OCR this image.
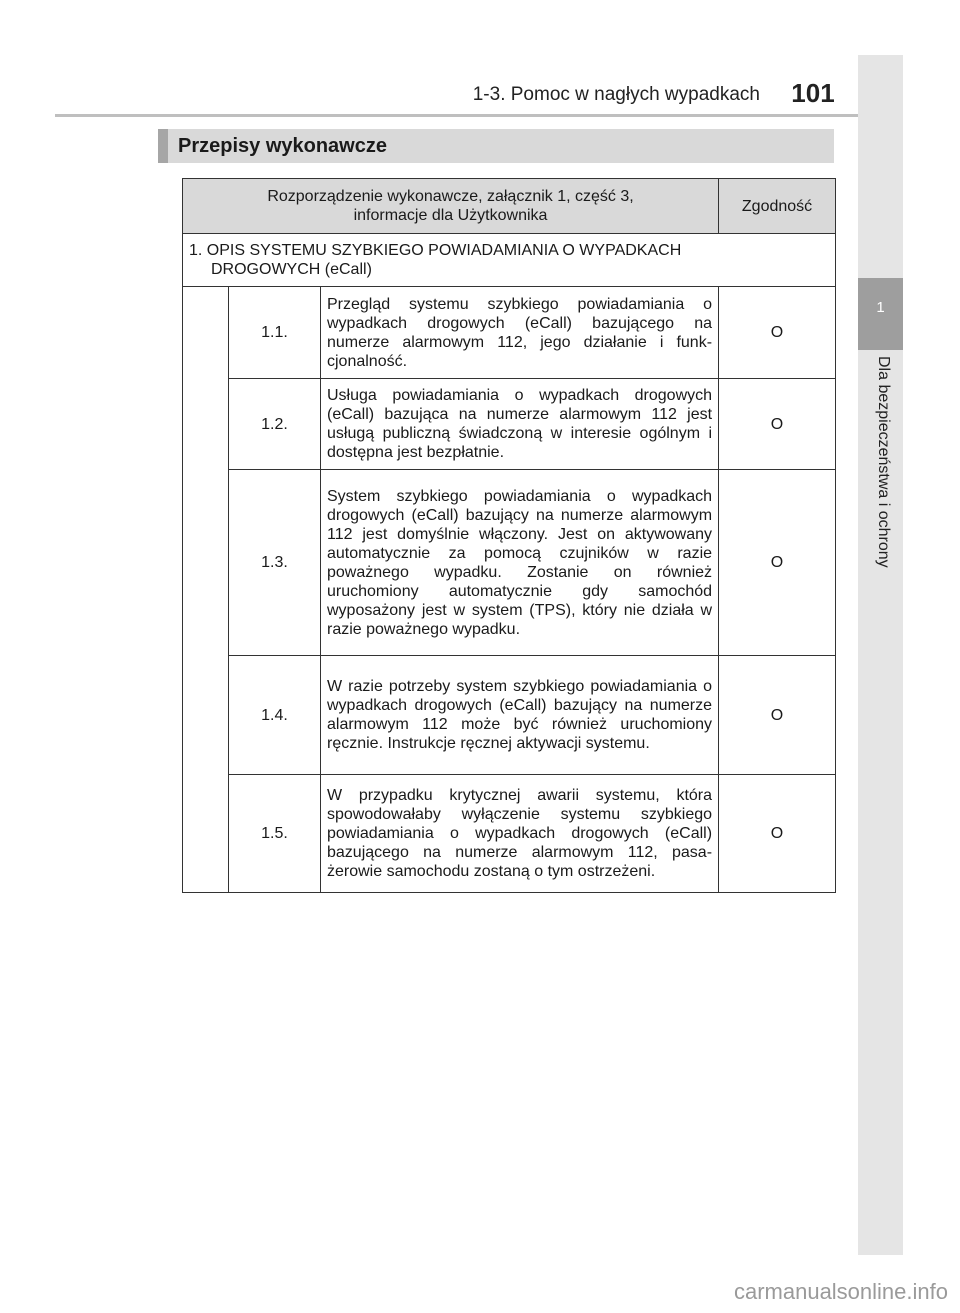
1-3. Pomoc w nagłych wypadkach	101
1
Dla bezpieczeństwa i ochrony
Przepisy wykonawcze
Rozporządzenie wykonawcze, załącznik 1, część 3,
informacje dla Użytkownika			Zgodność
1. OPIS SYSTEMU SZYBKIEGO POWIADAMIANIA O WYPADKACH

DROGOWYCH (eCall)			

	1.1.	Przegląd systemu szybkiego powiadamiania o wypadkach drogowych (eCall) bazującego na numerze alarmowym 112, jego działanie i funkcjonalność.	O
	1.2.	Usługa powiadamiania o wypadkach drogowych (eCall) bazująca na numerze alarmowym 112 jest usługą publiczną świadczoną w interesie ogólnym i dostępna jest bezpłatnie.	O
	1.3.	System szybkiego powiadamiania o wypadkach drogowych (eCall) bazujący na numerze alarmowym 112 jest domyślnie włączony. Jest on aktywowany automatycznie za pomocą czujników w razie poważnego wypadku. Zostanie on również uruchomiony automatycznie gdy samochód wyposażony jest w system (TPS), który nie działa w razie poważnego wypadku.	O
	1.4.	W razie potrzeby system szybkiego powiadamiania o wypadkach drogowych (eCall) bazujący na numerze alarmowym 112 może być również uruchomiony ręcznie. Instrukcje ręcznej aktywacji systemu.	O
	1.5.	W przypadku krytycznej awarii systemu, która spowodowałaby wyłączenie systemu szybkiego powiadamiania o wypadkach drogowych (eCall) bazującego na numerze alarmowym 112, pasażerowie samochodu zostaną o tym ostrzeżeni.	O
carmanualsonline.info
